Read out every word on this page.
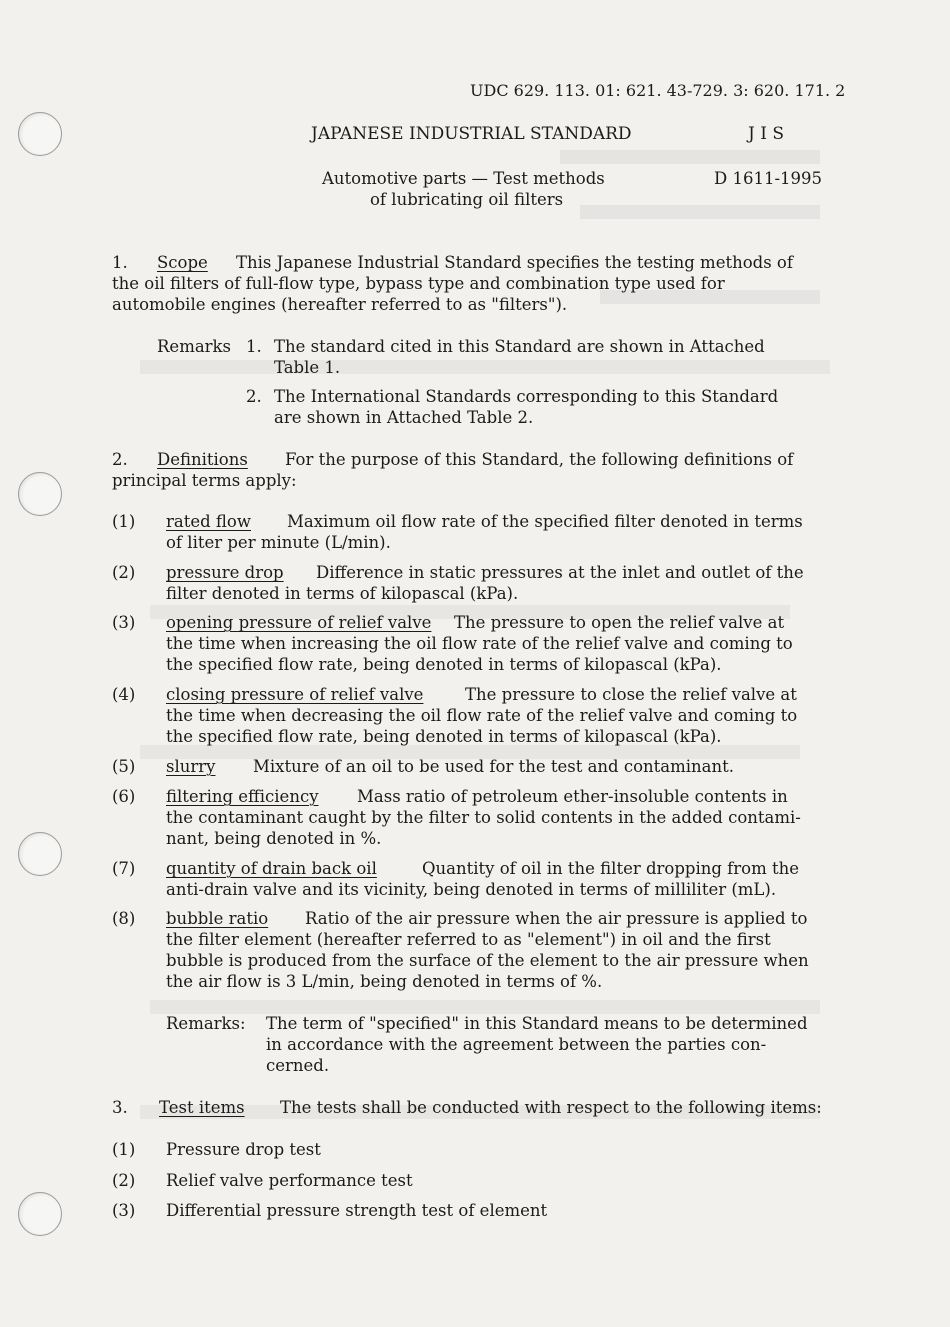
UDC 629. 113. 01: 621. 43-729. 3: 620. 171. 2
JAPANESE INDUSTRIAL STANDARD	J I S
Automotive parts — Test methods	D 1611-1995
of lubricating oil filters
1. Scope This Japanese Industrial Standard specifies the testing methods of
the oil filters of full-flow type, bypass type and combination type used for
automobile engines (hereafter referred to as "filters").
Remarks 1. The standard cited in this Standard are shown in Attached
Table 1.
2. The International Standards corresponding to this Standard
are shown in Attached Table 2.
2. Definitions For the purpose of this Standard, the following definitions of
principal terms apply:
(1) rated flow Maximum oil flow rate of the specified filter denoted in terms
of liter per minute (L/min).
(2) pressure drop Difference in static pressures at the inlet and outlet of the
filter denoted in terms of kilopascal (kPa).
(3) opening pressure of relief valve The pressure to open the relief valve at
the time when increasing the oil flow rate of the relief valve and coming to
the specified flow rate, being denoted in terms of kilopascal (kPa).
(4) closing pressure of relief valve	The pressure to close the relief valve at
the time when decreasing the oil flow rate of the relief valve and coming to
the specified flow rate, being denoted in terms of kilopascal (kPa).
(5) slurry Mixture of an oil to be used for the test and contaminant.
(6) filtering efficiency Mass ratio of petroleum ether-insoluble contents in
the contaminant caught by the filter to solid contents in the added contami-
nant, being denoted in %.
(7) quantity of drain back oil	Quantity of oil in the filter dropping from the
anti-drain valve and its vicinity, being denoted in terms of milliliter (mL).
(8) bubble ratio Ratio of the air pressure when the air pressure is applied to
the filter element (hereafter referred to as "element") in oil and the first
bubble is produced from the surface of the element to the air pressure when
the air flow is 3 L/min, being denoted in terms of %.
Remarks: The term of "specified" in this Standard means to be determined
in accordance with the agreement between the parties con-
cerned.
3. Test items The tests shall be conducted with respect to the following items:
(1) Pressure drop test
(2) Relief valve performance test
(3) Differential pressure strength test of element
